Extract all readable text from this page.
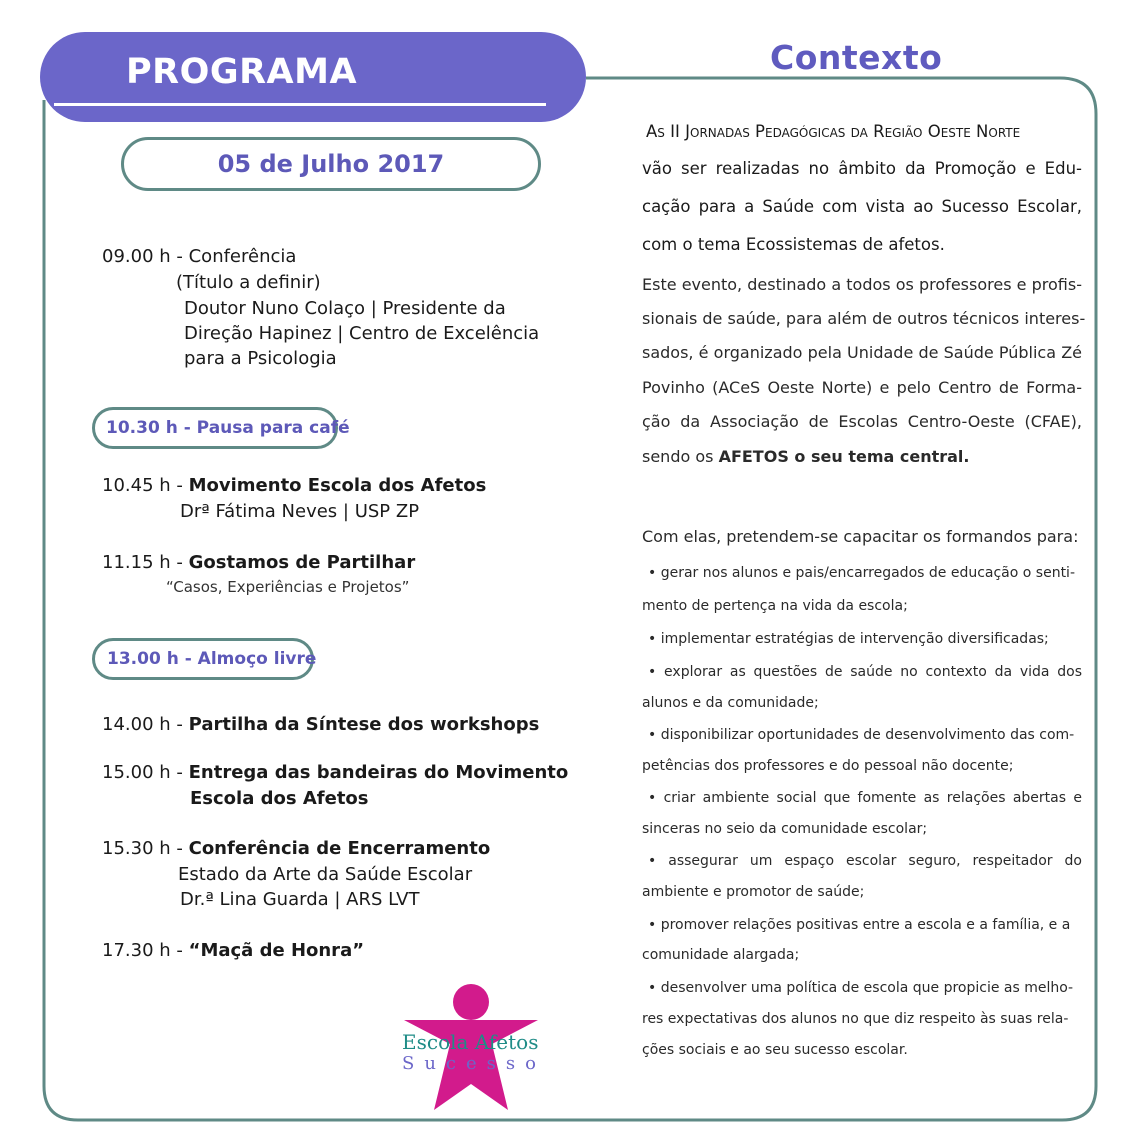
PROGRAMA	Contexto
05 de Julho 2017
09.00 h - Conferência
(Título a definir)
Doutor Nuno Colaço | Presidente da
Direção Hapinez | Centro de Excelência
para a Psicologia
10.30 h - Pausa para café
10.45 h - Movimento Escola dos Afetos
Drª Fátima Neves | USP ZP
11.15 h - Gostamos de Partilhar
“Casos, Experiências e Projetos”
13.00 h - Almoço livre
14.00 h - Partilha da Síntese dos workshops
15.00 h - Entrega das bandeiras do Movimento
Escola dos Afetos
15.30 h - Conferência de Encerramento
Estado da Arte da Saúde Escolar
Dr.ª Lina Guarda | ARS LVT
17.30 h - “Maçã de Honra”
Escola Afetos
Sucesso
As II Jornadas Pedagógicas da Região Oeste Norte
vão ser realizadas no âmbito da Promoção e Edu-
cação para a Saúde com vista ao Sucesso Escolar,
com o tema Ecossistemas de afetos.
Este evento, destinado a todos os professores e profis-
sionais de saúde, para além de outros técnicos interes-
sados, é organizado pela Unidade de Saúde Pública Zé
Povinho (ACeS Oeste Norte) e pelo Centro de Forma-
ção da Associação de Escolas Centro-Oeste (CFAE),
sendo os AFETOS o seu tema central.
Com elas, pretendem-se capacitar os formandos para:
• gerar nos alunos e pais/encarregados de educação o senti-
mento de pertença na vida da escola;
• implementar estratégias de intervenção diversificadas;
• explorar as questões de saúde no contexto da vida dos
alunos e da comunidade;
• disponibilizar oportunidades de desenvolvimento das com-
petências dos professores e do pessoal não docente;
• criar ambiente social que fomente as relações abertas e
sinceras no seio da comunidade escolar;
• assegurar um espaço escolar seguro, respeitador do
ambiente e promotor de saúde;
• promover relações positivas entre a escola e a família, e a
comunidade alargada;
• desenvolver uma política de escola que propicie as melho-
res expectativas dos alunos no que diz respeito às suas rela-
ções sociais e ao seu sucesso escolar.
